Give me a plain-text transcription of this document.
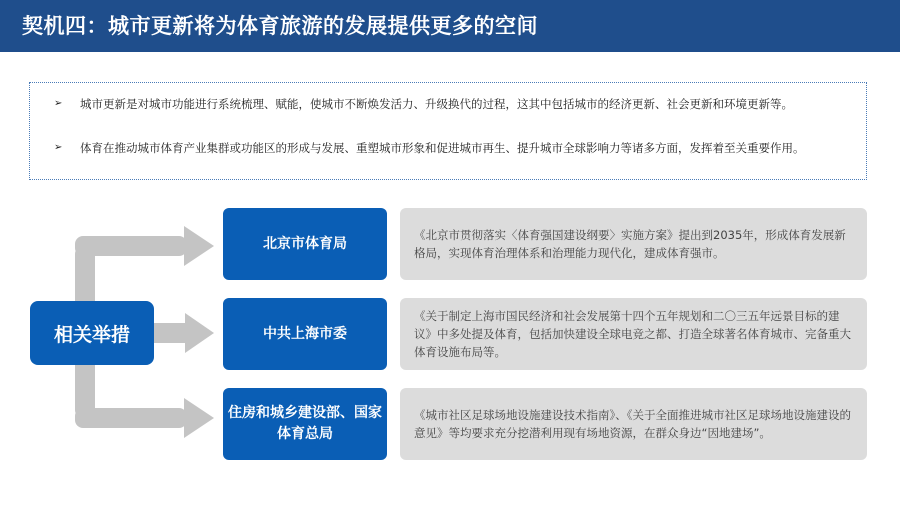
契机四：城市更新将为体育旅游的发展提供更多的空间
➢ 城市更新是对城市功能进行系统梳理、赋能，使城市不断焕发活力、升级换代的过程，这其中包括城市的经济更新、社会更新和环境更新等。
➢ 体育在推动城市体育产业集群或功能区的形成与发展、重塑城市形象和促进城市再生、提升城市全球影响力等诸多方面，发挥着至关重要作用。
相关举措
北京市体育局
中共上海市委
住房和城乡建设部、国家体育总局
《北京市贯彻落实〈体育强国建设纲要〉实施方案》提出到2035年，形成体育发展新格局，实现体育治理体系和治理能力现代化，建成体育强市。
《关于制定上海市国民经济和社会发展第十四个五年规划和二〇三五年远景目标的建议》中多处提及体育，包括加快建设全球电竞之都、打造全球著名体育城市、完备重大体育设施布局等。
《城市社区足球场地设施建设技术指南》、《关于全面推进城市社区足球场地设施建设的意见》等均要求充分挖潜利用现有场地资源，在群众身边“因地建场”。
